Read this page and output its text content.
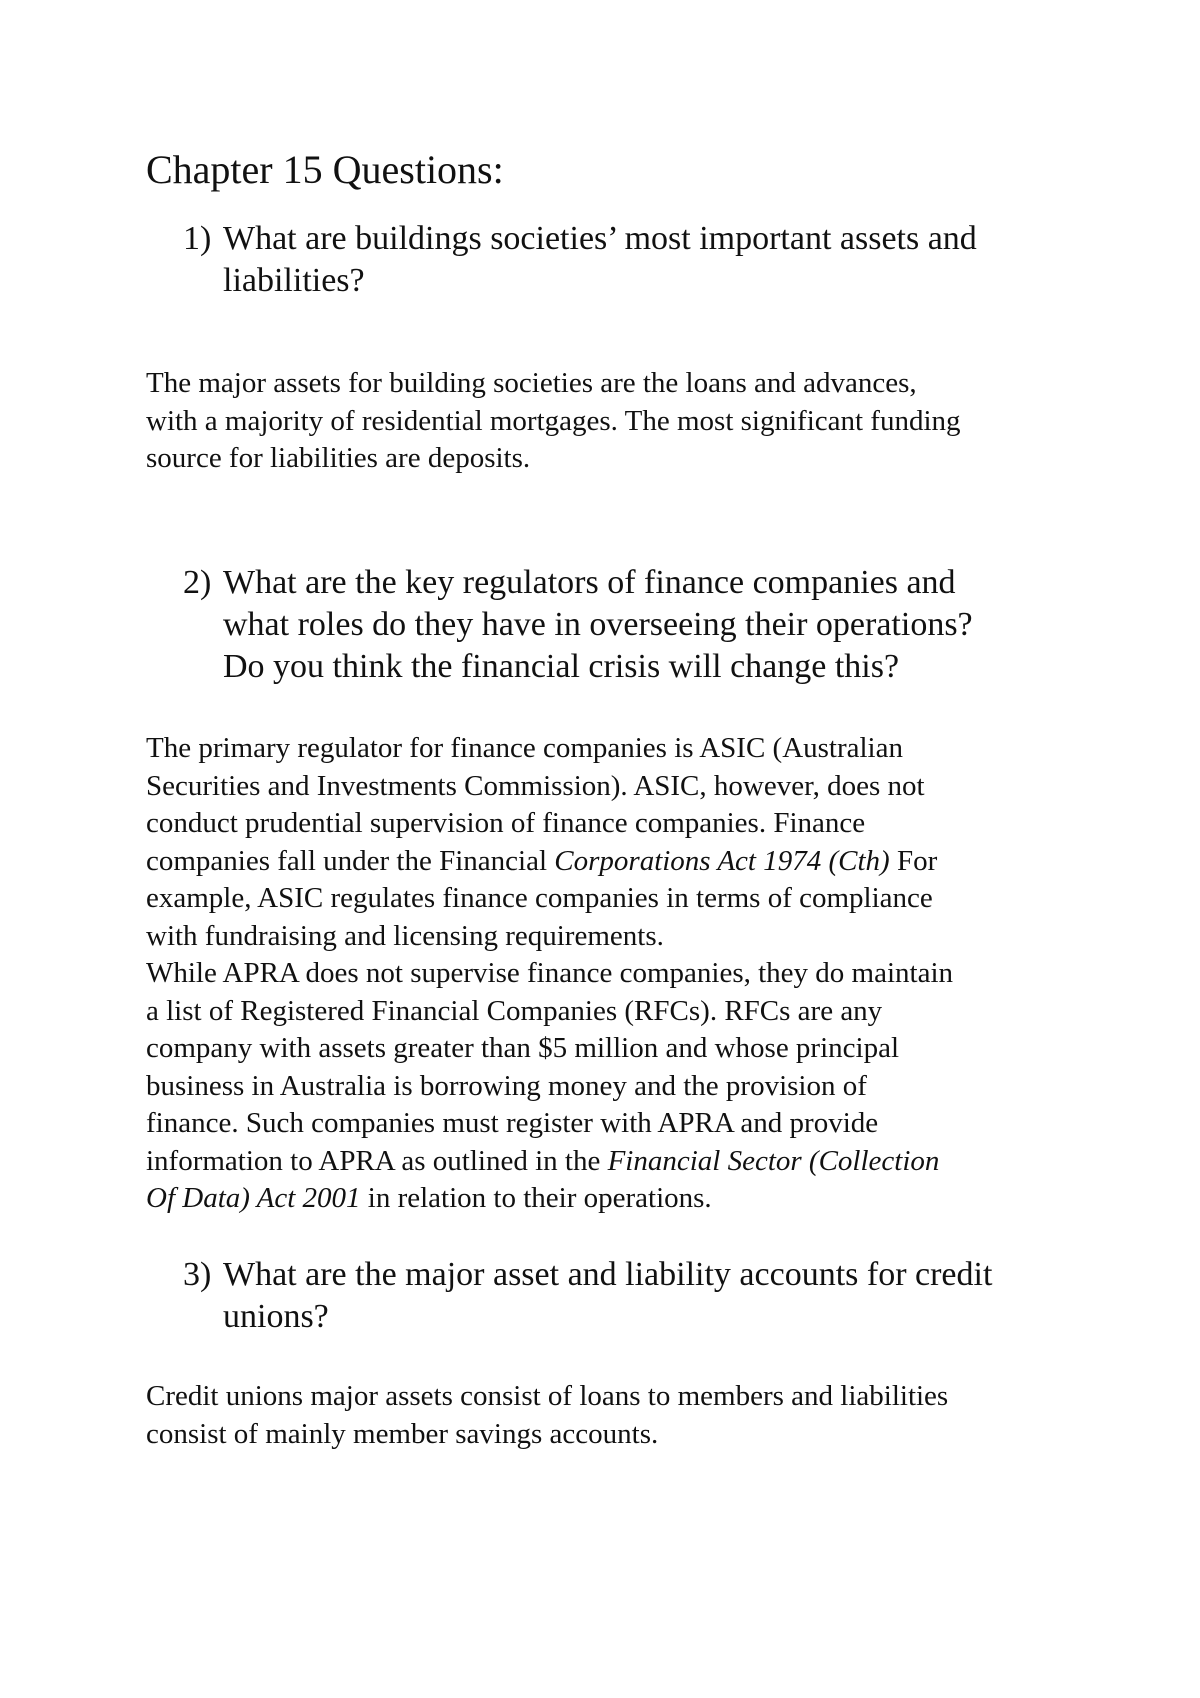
Chapter 15 Questions:
1) What are buildings societies’ most important assets and
liabilities?
The major assets for building societies are the loans and advances,
with a majority of residential mortgages. The most significant funding
source for liabilities are deposits.
2) What are the key regulators of finance companies and
what roles do they have in overseeing their operations?
Do you think the financial crisis will change this?
The primary regulator for finance companies is ASIC (Australian
Securities and Investments Commission). ASIC, however, does not
conduct prudential supervision of finance companies. Finance
companies fall under the Financial Corporations Act 1974 (Cth) For
example, ASIC regulates finance companies in terms of compliance
with fundraising and licensing requirements.
While APRA does not supervise finance companies, they do maintain
a list of Registered Financial Companies (RFCs). RFCs are any
company with assets greater than $5 million and whose principal
business in Australia is borrowing money and the provision of
finance. Such companies must register with APRA and provide
information to APRA as outlined in the Financial Sector (Collection
Of Data) Act 2001 in relation to their operations.
3) What are the major asset and liability accounts for credit
unions?
Credit unions major assets consist of loans to members and liabilities
consist of mainly member savings accounts.
